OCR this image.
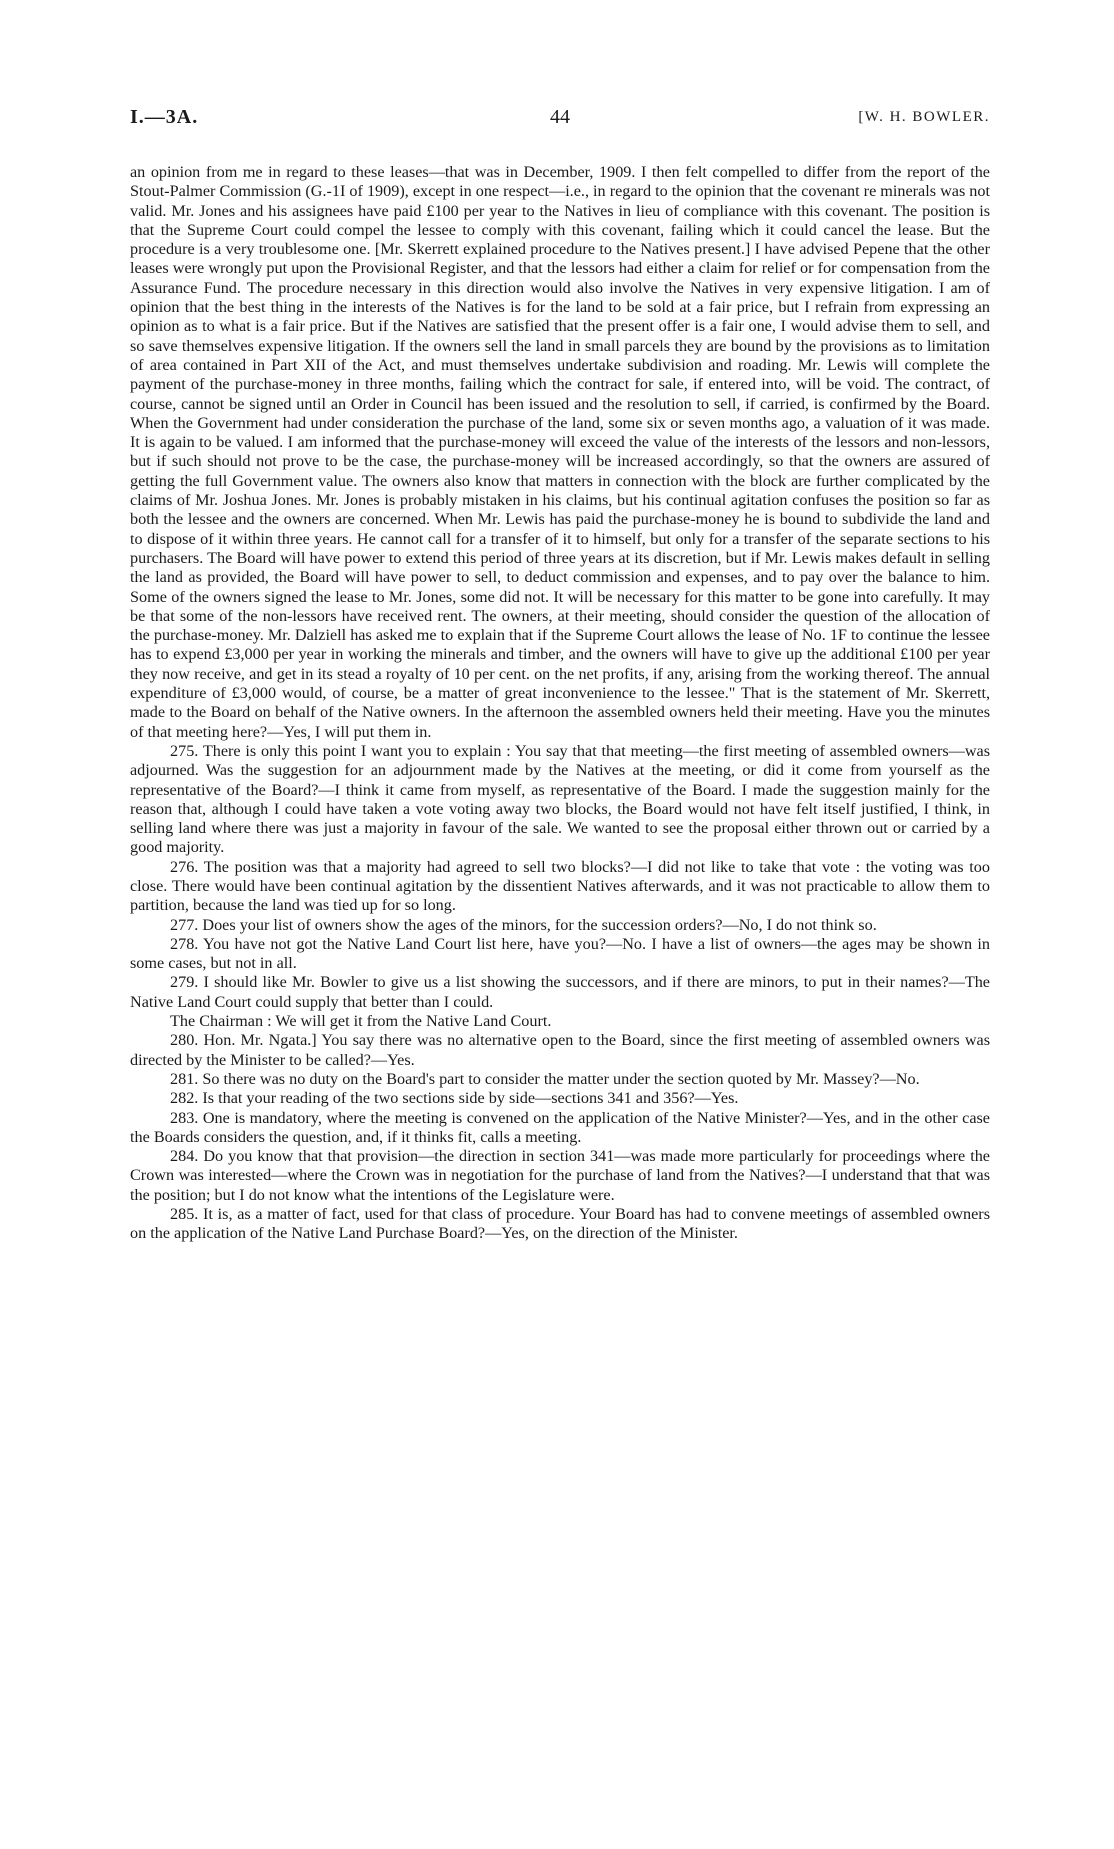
I.—3A.	44	[W. H. BOWLER.

an opinion from me in regard to these leases—that was in December, 1909. I then felt compelled to differ from the report of the Stout-Palmer Commission (G.-1I of 1909), except in one respect—i.e., in regard to the opinion that the covenant re minerals was not valid. Mr. Jones and his assignees have paid £100 per year to the Natives in lieu of compliance with this covenant. The position is that the Supreme Court could compel the lessee to comply with this covenant, failing which it could cancel the lease. But the procedure is a very troublesome one. [Mr. Skerrett explained procedure to the Natives present.] I have advised Pepene that the other leases were wrongly put upon the Provisional Register, and that the lessors had either a claim for relief or for compensation from the Assurance Fund. The procedure necessary in this direction would also involve the Natives in very expensive litigation. I am of opinion that the best thing in the interests of the Natives is for the land to be sold at a fair price, but I refrain from expressing an opinion as to what is a fair price. But if the Natives are satisfied that the present offer is a fair one, I would advise them to sell, and so save themselves expensive litigation. If the owners sell the land in small parcels they are bound by the provisions as to limitation of area contained in Part XII of the Act, and must themselves undertake subdivision and roading. Mr. Lewis will complete the payment of the purchase-money in three months, failing which the contract for sale, if entered into, will be void. The contract, of course, cannot be signed until an Order in Council has been issued and the resolution to sell, if carried, is confirmed by the Board. When the Government had under consideration the purchase of the land, some six or seven months ago, a valuation of it was made. It is again to be valued. I am informed that the purchase-money will exceed the value of the interests of the lessors and non-lessors, but if such should not prove to be the case, the purchase-money will be increased accordingly, so that the owners are assured of getting the full Government value. The owners also know that matters in connection with the block are further complicated by the claims of Mr. Joshua Jones. Mr. Jones is probably mistaken in his claims, but his continual agitation confuses the position so far as both the lessee and the owners are concerned. When Mr. Lewis has paid the purchase-money he is bound to subdivide the land and to dispose of it within three years. He cannot call for a transfer of it to himself, but only for a transfer of the separate sections to his purchasers. The Board will have power to extend this period of three years at its discretion, but if Mr. Lewis makes default in selling the land as provided, the Board will have power to sell, to deduct commission and expenses, and to pay over the balance to him. Some of the owners signed the lease to Mr. Jones, some did not. It will be necessary for this matter to be gone into carefully. It may be that some of the non-lessors have received rent. The owners, at their meeting, should consider the question of the allocation of the purchase-money. Mr. Dalziell has asked me to explain that if the Supreme Court allows the lease of No. 1F to continue the lessee has to expend £3,000 per year in working the minerals and timber, and the owners will have to give up the additional £100 per year they now receive, and get in its stead a royalty of 10 per cent. on the net profits, if any, arising from the working thereof. The annual expenditure of £3,000 would, of course, be a matter of great inconvenience to the lessee." That is the statement of Mr. Skerrett, made to the Board on behalf of the Native owners. In the afternoon the assembled owners held their meeting. Have you the minutes of that meeting here?—Yes, I will put them in.

275. There is only this point I want you to explain : You say that that meeting—the first meeting of assembled owners—was adjourned. Was the suggestion for an adjournment made by the Natives at the meeting, or did it come from yourself as the representative of the Board?—I think it came from myself, as representative of the Board. I made the suggestion mainly for the reason that, although I could have taken a vote voting away two blocks, the Board would not have felt itself justified, I think, in selling land where there was just a majority in favour of the sale. We wanted to see the proposal either thrown out or carried by a good majority.

276. The position was that a majority had agreed to sell two blocks?—I did not like to take that vote : the voting was too close. There would have been continual agitation by the dissentient Natives afterwards, and it was not practicable to allow them to partition, because the land was tied up for so long.

277. Does your list of owners show the ages of the minors, for the succession orders?—No, I do not think so.

278. You have not got the Native Land Court list here, have you?—No. I have a list of owners—the ages may be shown in some cases, but not in all.

279. I should like Mr. Bowler to give us a list showing the successors, and if there are minors, to put in their names?—The Native Land Court could supply that better than I could.

The Chairman : We will get it from the Native Land Court.

280. Hon. Mr. Ngata.] You say there was no alternative open to the Board, since the first meeting of assembled owners was directed by the Minister to be called?—Yes.

281. So there was no duty on the Board's part to consider the matter under the section quoted by Mr. Massey?—No.

282. Is that your reading of the two sections side by side—sections 341 and 356?—Yes.

283. One is mandatory, where the meeting is convened on the application of the Native Minister?—Yes, and in the other case the Boards considers the question, and, if it thinks fit, calls a meeting.

284. Do you know that that provision—the direction in section 341—was made more particularly for proceedings where the Crown was interested—where the Crown was in negotiation for the purchase of land from the Natives?—I understand that that was the position; but I do not know what the intentions of the Legislature were.

285. It is, as a matter of fact, used for that class of procedure. Your Board has had to convene meetings of assembled owners on the application of the Native Land Purchase Board?—Yes, on the direction of the Minister.
